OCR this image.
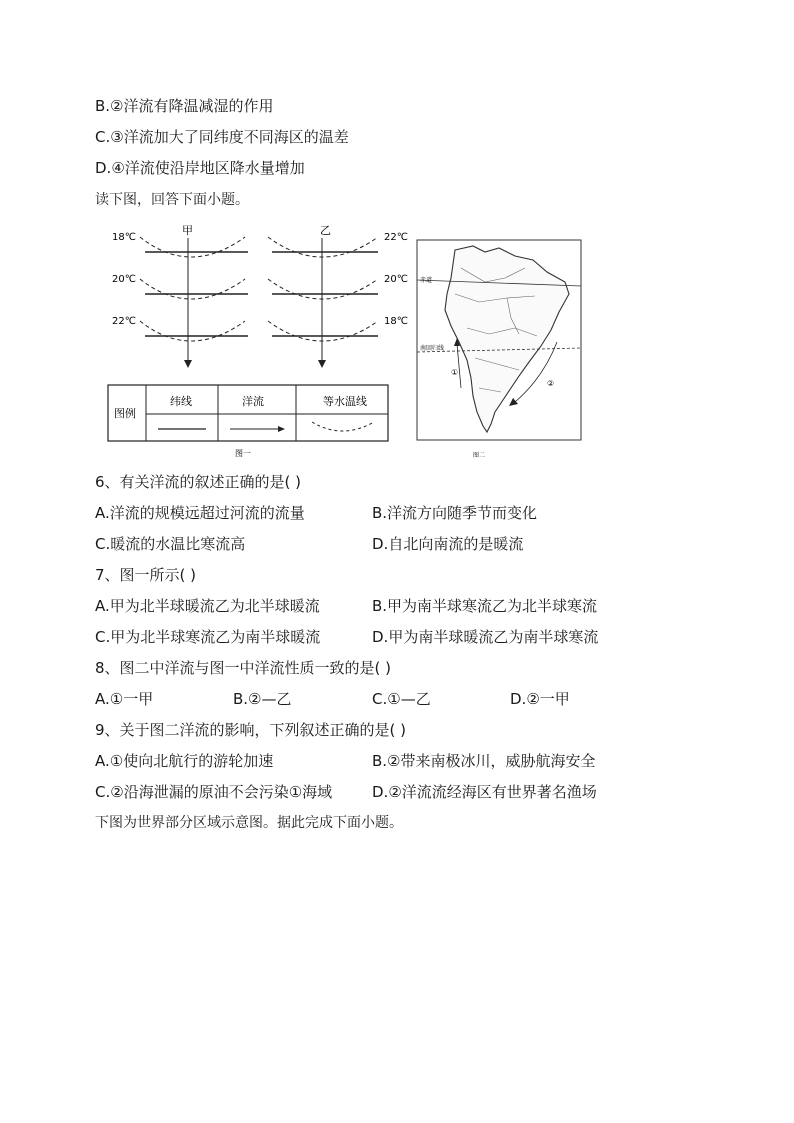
B.②洋流有降温减湿的作用
C.③洋流加大了同纬度不同海区的温差
D.④洋流使沿岸地区降水量增加
读下图，回答下面小题。
甲
18℃
20℃
22℃
乙
22℃
20℃
18℃
图例
纬线	洋流	等水温线
图一
赤道
南回归线
①
②
图二
6、有关洋流的叙述正确的是( )
A.洋流的规模远超过河流的流量	B.洋流方向随季节而变化
C.暖流的水温比寒流高	D.自北向南流的是暖流
7、图一所示( )
A.甲为北半球暖流乙为北半球暖流	B.甲为南半球寒流乙为北半球寒流
C.甲为北半球寒流乙为南半球暖流	D.甲为南半球暖流乙为南半球寒流
8、图二中洋流与图一中洋流性质一致的是( )
A.①一甲	B.②—乙	C.①—乙	D.②一甲
9、关于图二洋流的影响，下列叙述正确的是( )
A.①使向北航行的游轮加速	B.②带来南极冰川，威胁航海安全
C.②沿海泄漏的原油不会污染①海域	D.②洋流流经海区有世界著名渔场
下图为世界部分区域示意图。据此完成下面小题。
